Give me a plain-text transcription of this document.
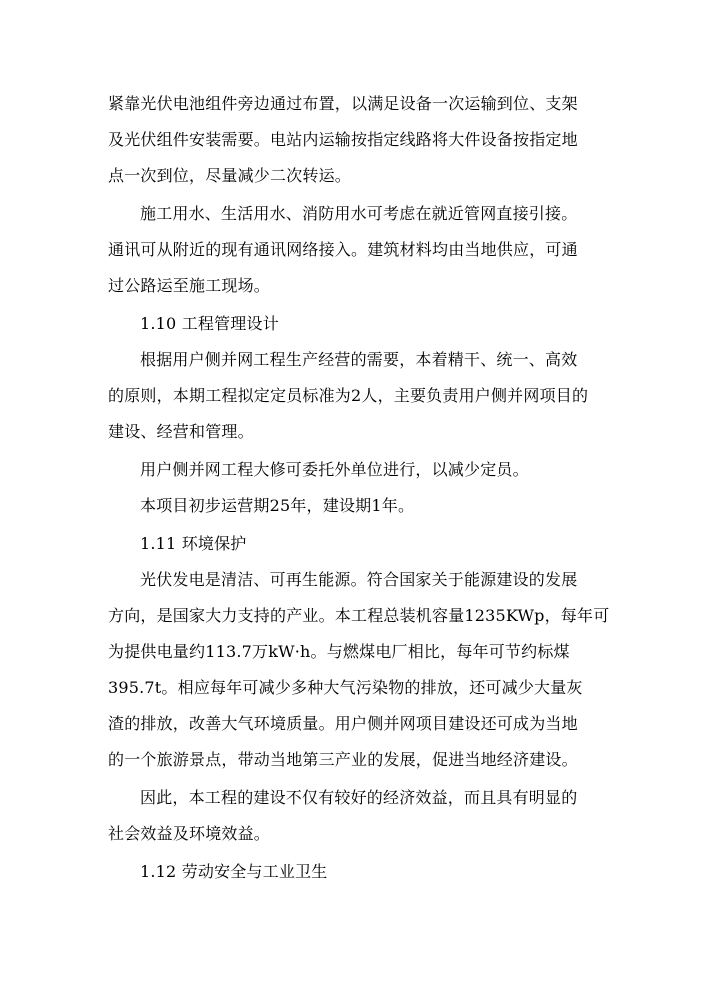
紧靠光伏电池组件旁边通过布置，以满足设备一次运输到位、支架
及光伏组件安装需要。电站内运输按指定线路将大件设备按指定地
点一次到位，尽量减少二次转运。
施工用水、生活用水、消防用水可考虑在就近管网直接引接。
通讯可从附近的现有通讯网络接入。建筑材料均由当地供应，可通
过公路运至施工现场。
1.10 工程管理设计
根据用户侧并网工程生产经营的需要，本着精干、统一、高效
的原则，本期工程拟定定员标准为2人，主要负责用户侧并网项目的
建设、经营和管理。
用户侧并网工程大修可委托外单位进行，以减少定员。
本项目初步运营期25年，建设期1年。
1.11 环境保护
光伏发电是清洁、可再生能源。符合国家关于能源建设的发展
方向，是国家大力支持的产业。本工程总装机容量1235KWp，每年可
为提供电量约113.7万kW·h。与燃煤电厂相比，每年可节约标煤
395.7t。相应每年可减少多种大气污染物的排放，还可减少大量灰
渣的排放，改善大气环境质量。用户侧并网项目建设还可成为当地
的一个旅游景点，带动当地第三产业的发展，促进当地经济建设。
因此，本工程的建设不仅有较好的经济效益，而且具有明显的
社会效益及环境效益。
1.12 劳动安全与工业卫生
